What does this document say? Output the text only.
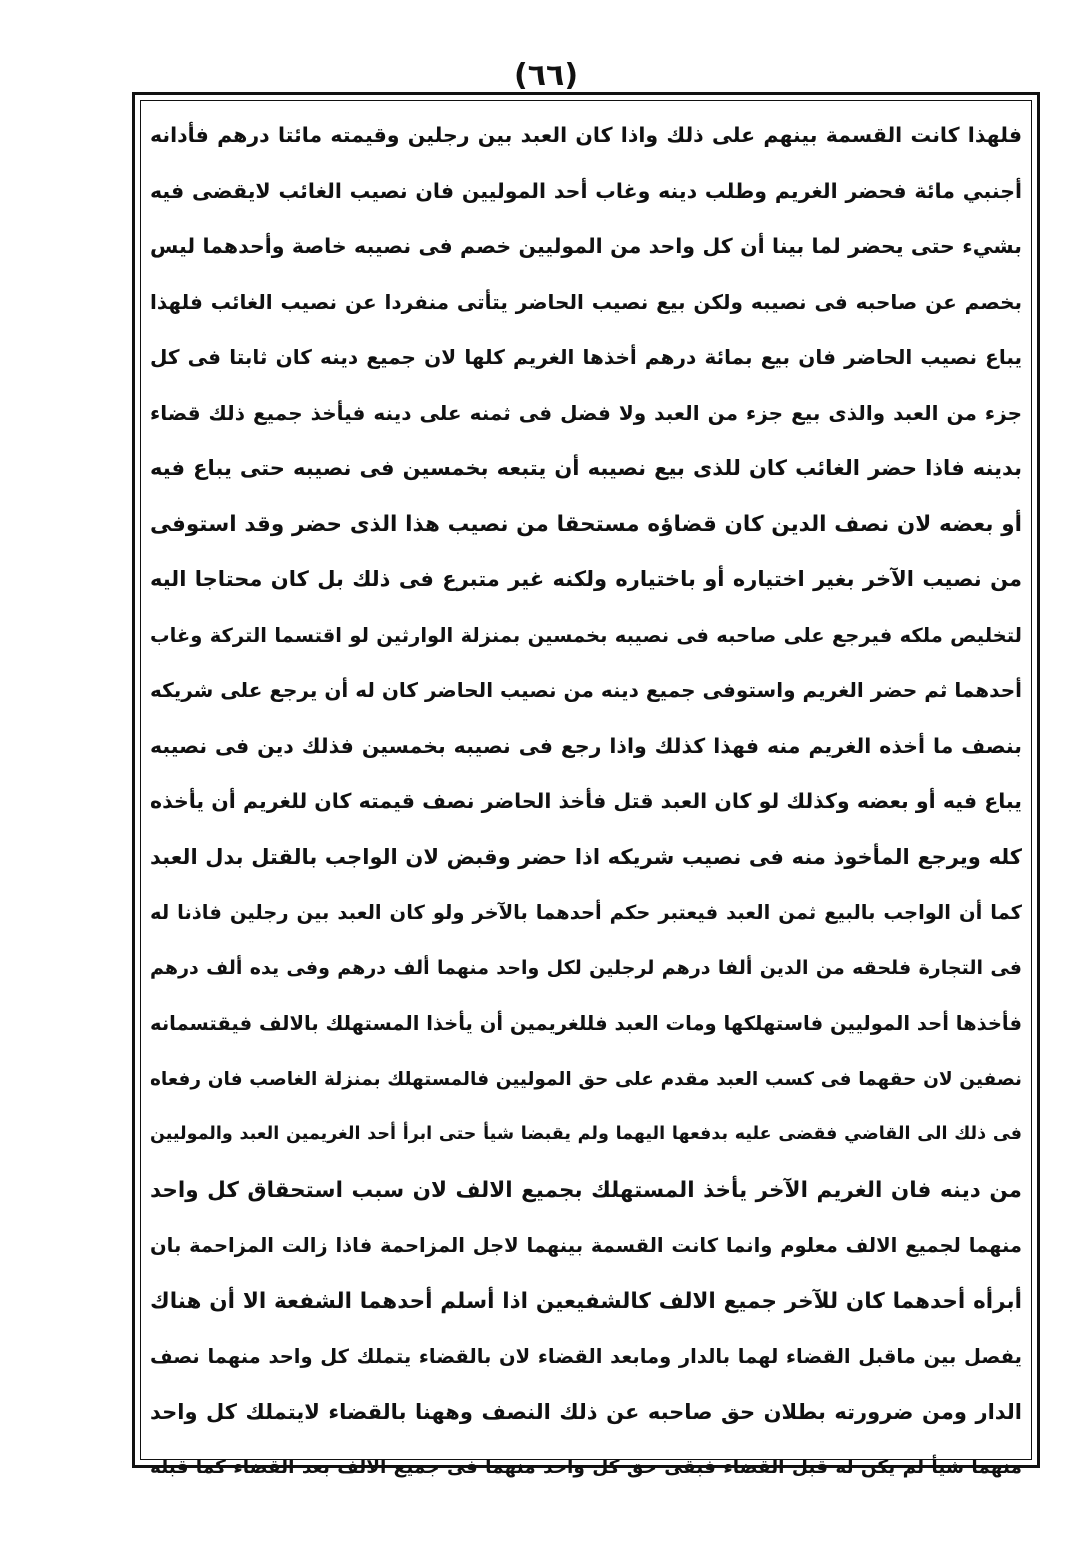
(٦٦)
فلهذا كانت القسمة بينهم على ذلك واذا كان العبد بين رجلين وقيمته مائتا درهم فأدانه
أجنبي مائة فحضر الغريم وطلب دينه وغاب أحد الموليين فان نصيب الغائب لايقضى فيه
بشيء حتى يحضر لما بينا أن كل واحد من الموليين خصم فى نصيبه خاصة وأحدهما ليس
بخصم عن صاحبه فى نصيبه ولكن بيع نصيب الحاضر يتأتى منفردا عن نصيب الغائب فلهذا
يباع نصيب الحاضر فان بيع بمائة درهم أخذها الغريم كلها لان جميع دينه كان ثابتا فى كل
جزء من العبد والذى بيع جزء من العبد ولا فضل فى ثمنه على دينه فيأخذ جميع ذلك قضاء
بدينه فاذا حضر الغائب كان للذى بيع نصيبه أن يتبعه بخمسين فى نصيبه حتى يباع فيه
أو بعضه لان نصف الدين كان قضاؤه مستحقا من نصيب هذا الذى حضر وقد استوفى
من نصيب الآخر بغير اختياره أو باختياره ولكنه غير متبرع فى ذلك بل كان محتاجا اليه
لتخليص ملكه فيرجع على صاحبه فى نصيبه بخمسين بمنزلة الوارثين لو اقتسما التركة وغاب
أحدهما ثم حضر الغريم واستوفى جميع دينه من نصيب الحاضر كان له أن يرجع على شريكه
بنصف ما أخذه الغريم منه فهذا كذلك واذا رجع فى نصيبه بخمسين فذلك دين فى نصيبه
يباع فيه أو بعضه وكذلك لو كان العبد قتل فأخذ الحاضر نصف قيمته كان للغريم أن يأخذه
كله ويرجع المأخوذ منه فى نصيب شريكه اذا حضر وقبض لان الواجب بالقتل بدل العبد
كما أن الواجب بالبيع ثمن العبد فيعتبر حكم أحدهما بالآخر ولو كان العبد بين رجلين فاذنا له
فى التجارة فلحقه من الدين ألفا درهم لرجلين لكل واحد منهما ألف درهم وفى يده ألف درهم
فأخذها أحد الموليين فاستهلكها ومات العبد فللغريمين أن يأخذا المستهلك بالالف فيقتسمانه
نصفين لان حقهما فى كسب العبد مقدم على حق الموليين فالمستهلك بمنزلة الغاصب فان رفعاه
فى ذلك الى القاضي فقضى عليه بدفعها اليهما ولم يقبضا شيأ حتى ابرأ أحد الغريمين العبد والموليين
من دينه فان الغريم الآخر يأخذ المستهلك بجميع الالف لان سبب استحقاق كل واحد
منهما لجميع الالف معلوم وانما كانت القسمة بينهما لاجل المزاحمة فاذا زالت المزاحمة بان
أبرأه أحدهما كان للآخر جميع الالف كالشفيعين اذا أسلم أحدهما الشفعة الا أن هناك
يفصل بين ماقبل القضاء لهما بالدار ومابعد القضاء لان بالقضاء يتملك كل واحد منهما نصف
الدار ومن ضرورته بطلان حق صاحبه عن ذلك النصف وههنا بالقضاء لايتملك كل واحد
منهما شيأ لم يكن له قبل القضاء فبقى حق كل واحد منهما فى جميع الالف بعد القضاء كما قبله
